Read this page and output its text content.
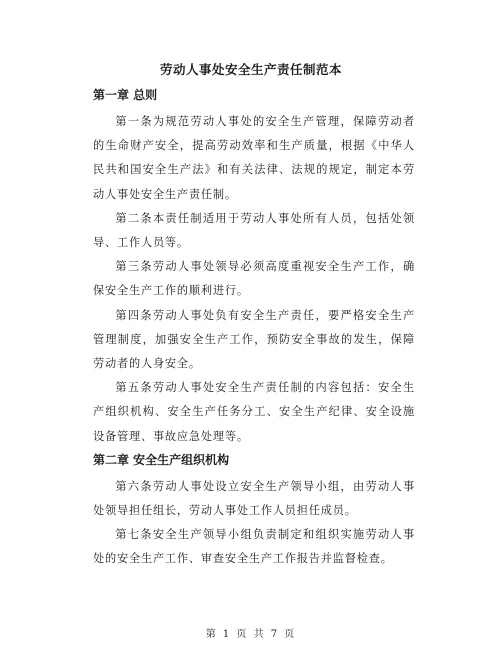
劳动人事处安全生产责任制范本
第一章 总则

第一条为规范劳动人事处的安全生产管理，保障劳动者的生命财产安全，提高劳动效率和生产质量，根据《中华人民共和国安全生产法》和有关法律、法规的规定，制定本劳动人事处安全生产责任制。

第二条本责任制适用于劳动人事处所有人员，包括处领导、工作人员等。

第三条劳动人事处领导必须高度重视安全生产工作，确保安全生产工作的顺利进行。

第四条劳动人事处负有安全生产责任，要严格安全生产管理制度，加强安全生产工作，预防安全事故的发生，保障劳动者的人身安全。

第五条劳动人事处安全生产责任制的内容包括：安全生产组织机构、安全生产任务分工、安全生产纪律、安全设施设备管理、事故应急处理等。

第二章 安全生产组织机构

第六条劳动人事处设立安全生产领导小组，由劳动人事处领导担任组长，劳动人事处工作人员担任成员。

第七条安全生产领导小组负责制定和组织实施劳动人事处的安全生产工作、审查安全生产工作报告并监督检查。

第 1 页 共 7 页
